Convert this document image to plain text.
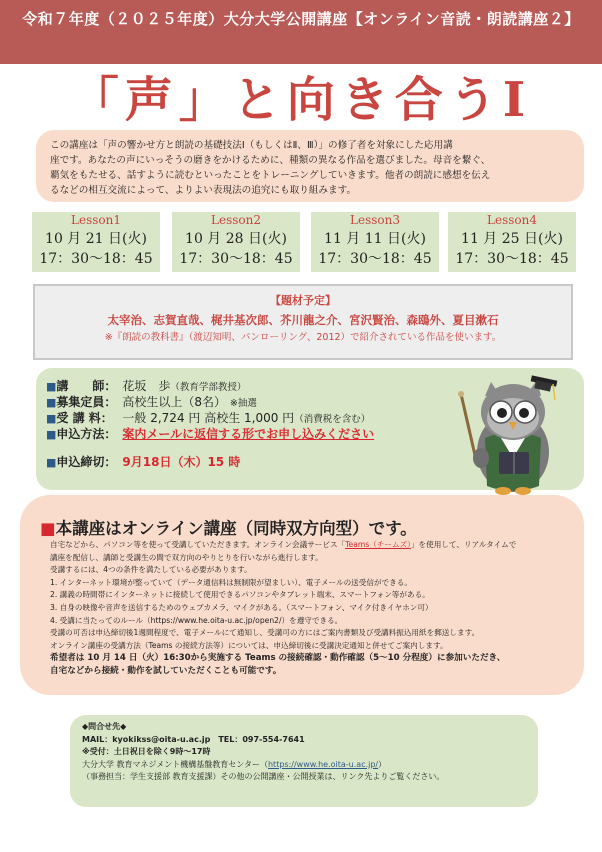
令和７年度（２０２５年度）大分大学公開講座【オンライン音読・朗読講座２】
「声」と向き合うⅠ

この講座は「声の響かせ方と朗読の基礎技法Ⅰ（もしくはⅡ、Ⅲ）」の修了者を対象にした応用講

座です。あなたの声にいっそうの磨きをかけるために、種類の異なる作品を選びました。母音を繋ぐ、

覇気をもたせる、話すように読むといったことをトレーニングしていきます。他者の朗読に感想を伝え

るなどの相互交流によって、よりよい表現法の追究にも取り組みます。

Lesson1
10 月 21 日(火)
17：30〜18：45
Lesson2
10 月 28 日(火)
17：30〜18：45
Lesson3
11 月 11 日(火)
17：30〜18：45
Lesson4
11 月 25 日(火)
17：30〜18：45
【題材予定】
太宰治、志賀直哉、梶井基次郎、芥川龍之介、宮沢賢治、森鴎外、夏目漱石
※『朗読の教科書』（渡辺知明、パンローリング、2012）で紹介されている作品を使います。
■講　　師： 花坂　歩（教育学部教授）
■募集定員： 高校生以上（8名） ※抽選
■受 講 料： 一般 2,724 円 高校生 1,000 円（消費税を含む）
■申込方法： 案内メールに返信する形でお申し込みください
■申込締切： 9月18日（木）15 時
■本講座はオンライン講座（同時双方向型）です。

自宅などから、パソコン等を使って受講していただきます。オンライン会議サービス「Teams（チームズ）」を使用して、リアルタイムで

講座を配信し、講師と受講生の間で双方向のやりとりを行いながら進行します。

受講するには、4つの条件を満たしている必要があります。

1. インターネット環境が整っていて（データ通信料は無制限が望ましい）、電子メールの送受信ができる。

2. 講義の時間帯にインターネットに接続して使用できるパソコンやタブレット端末、スマートフォン等がある。

3. 自身の映像や音声を送信するためのウェブカメラ、マイクがある。（スマートフォン、マイク付きイヤホン可）

4. 受講に当たってのルール（https://www.he.oita-u.ac.jp/open2/）を遵守できる。

受講の可否は申込締切後1週間程度で、電子メールにて通知し、受講可の方にはご案内書類及び受講料振込用紙を郵送します。

オンライン講座の受講方法（Teams の接続方法等）については、申込締切後に受講決定通知と併せてご案内します。

希望者は 10 月 14 日（火）16:30から実施する Teams の接続確認・動作確認（5〜10 分程度）に参加いただき、

自宅などから接続・動作を試していただくことも可能です。

◆問合せ先◆

MAIL：kyokikss@oita-u.ac.jp　TEL：097-554-7641

※受付：土日祝日を除く9時〜17時

大分大学 教育マネジメント機構基盤教育センター（https://www.he.oita-u.ac.jp/）

（事務担当：学生支援部 教育支援課）その他の公開講座・公開授業は、リンク先よりご覧ください。
